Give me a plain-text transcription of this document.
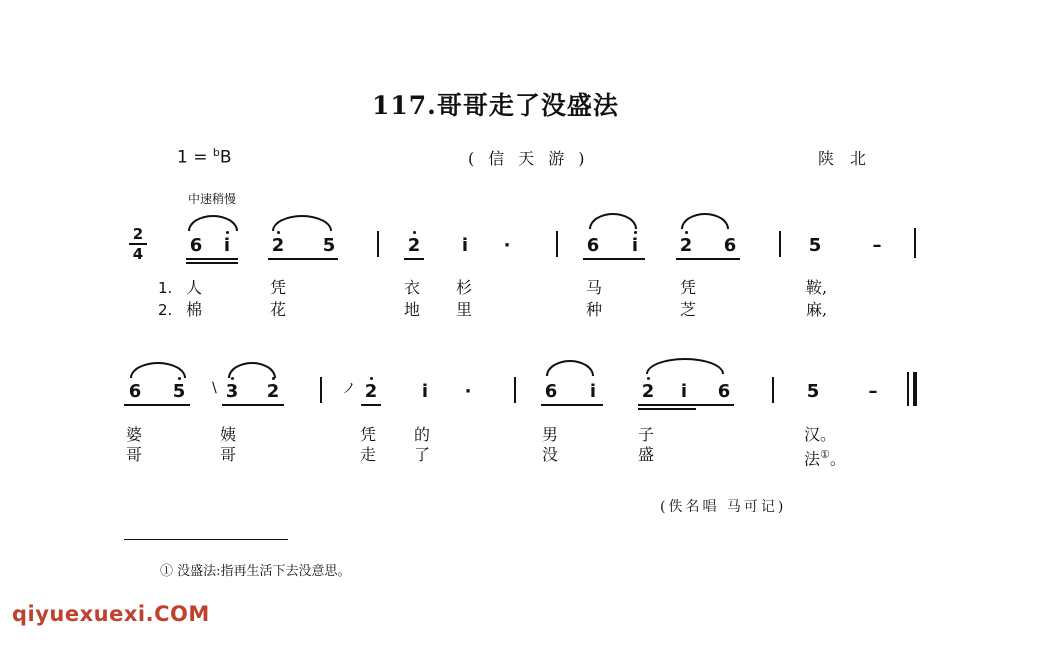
117.哥哥走了没盛法
1 = $^b$B	(信天游)	陕北
中速稍慢
2
4	6	i	2 5	2	i	·	6	i	2 6	5	–
1.
2.
人	凭	衣 杉	马	凭	鞍,
棉	花	地 里	种	芝	麻,
6 5 \ 3 2	ノ 2	i	·	6	i	2	i	6	5	–
婆	姨	凭 的	男	子	汉。
哥	哥	走 了	没	盛	法①。
(佚名唱 马可记)
① 没盛法:指再生活下去没意思。
qiyuexuexi.COM
